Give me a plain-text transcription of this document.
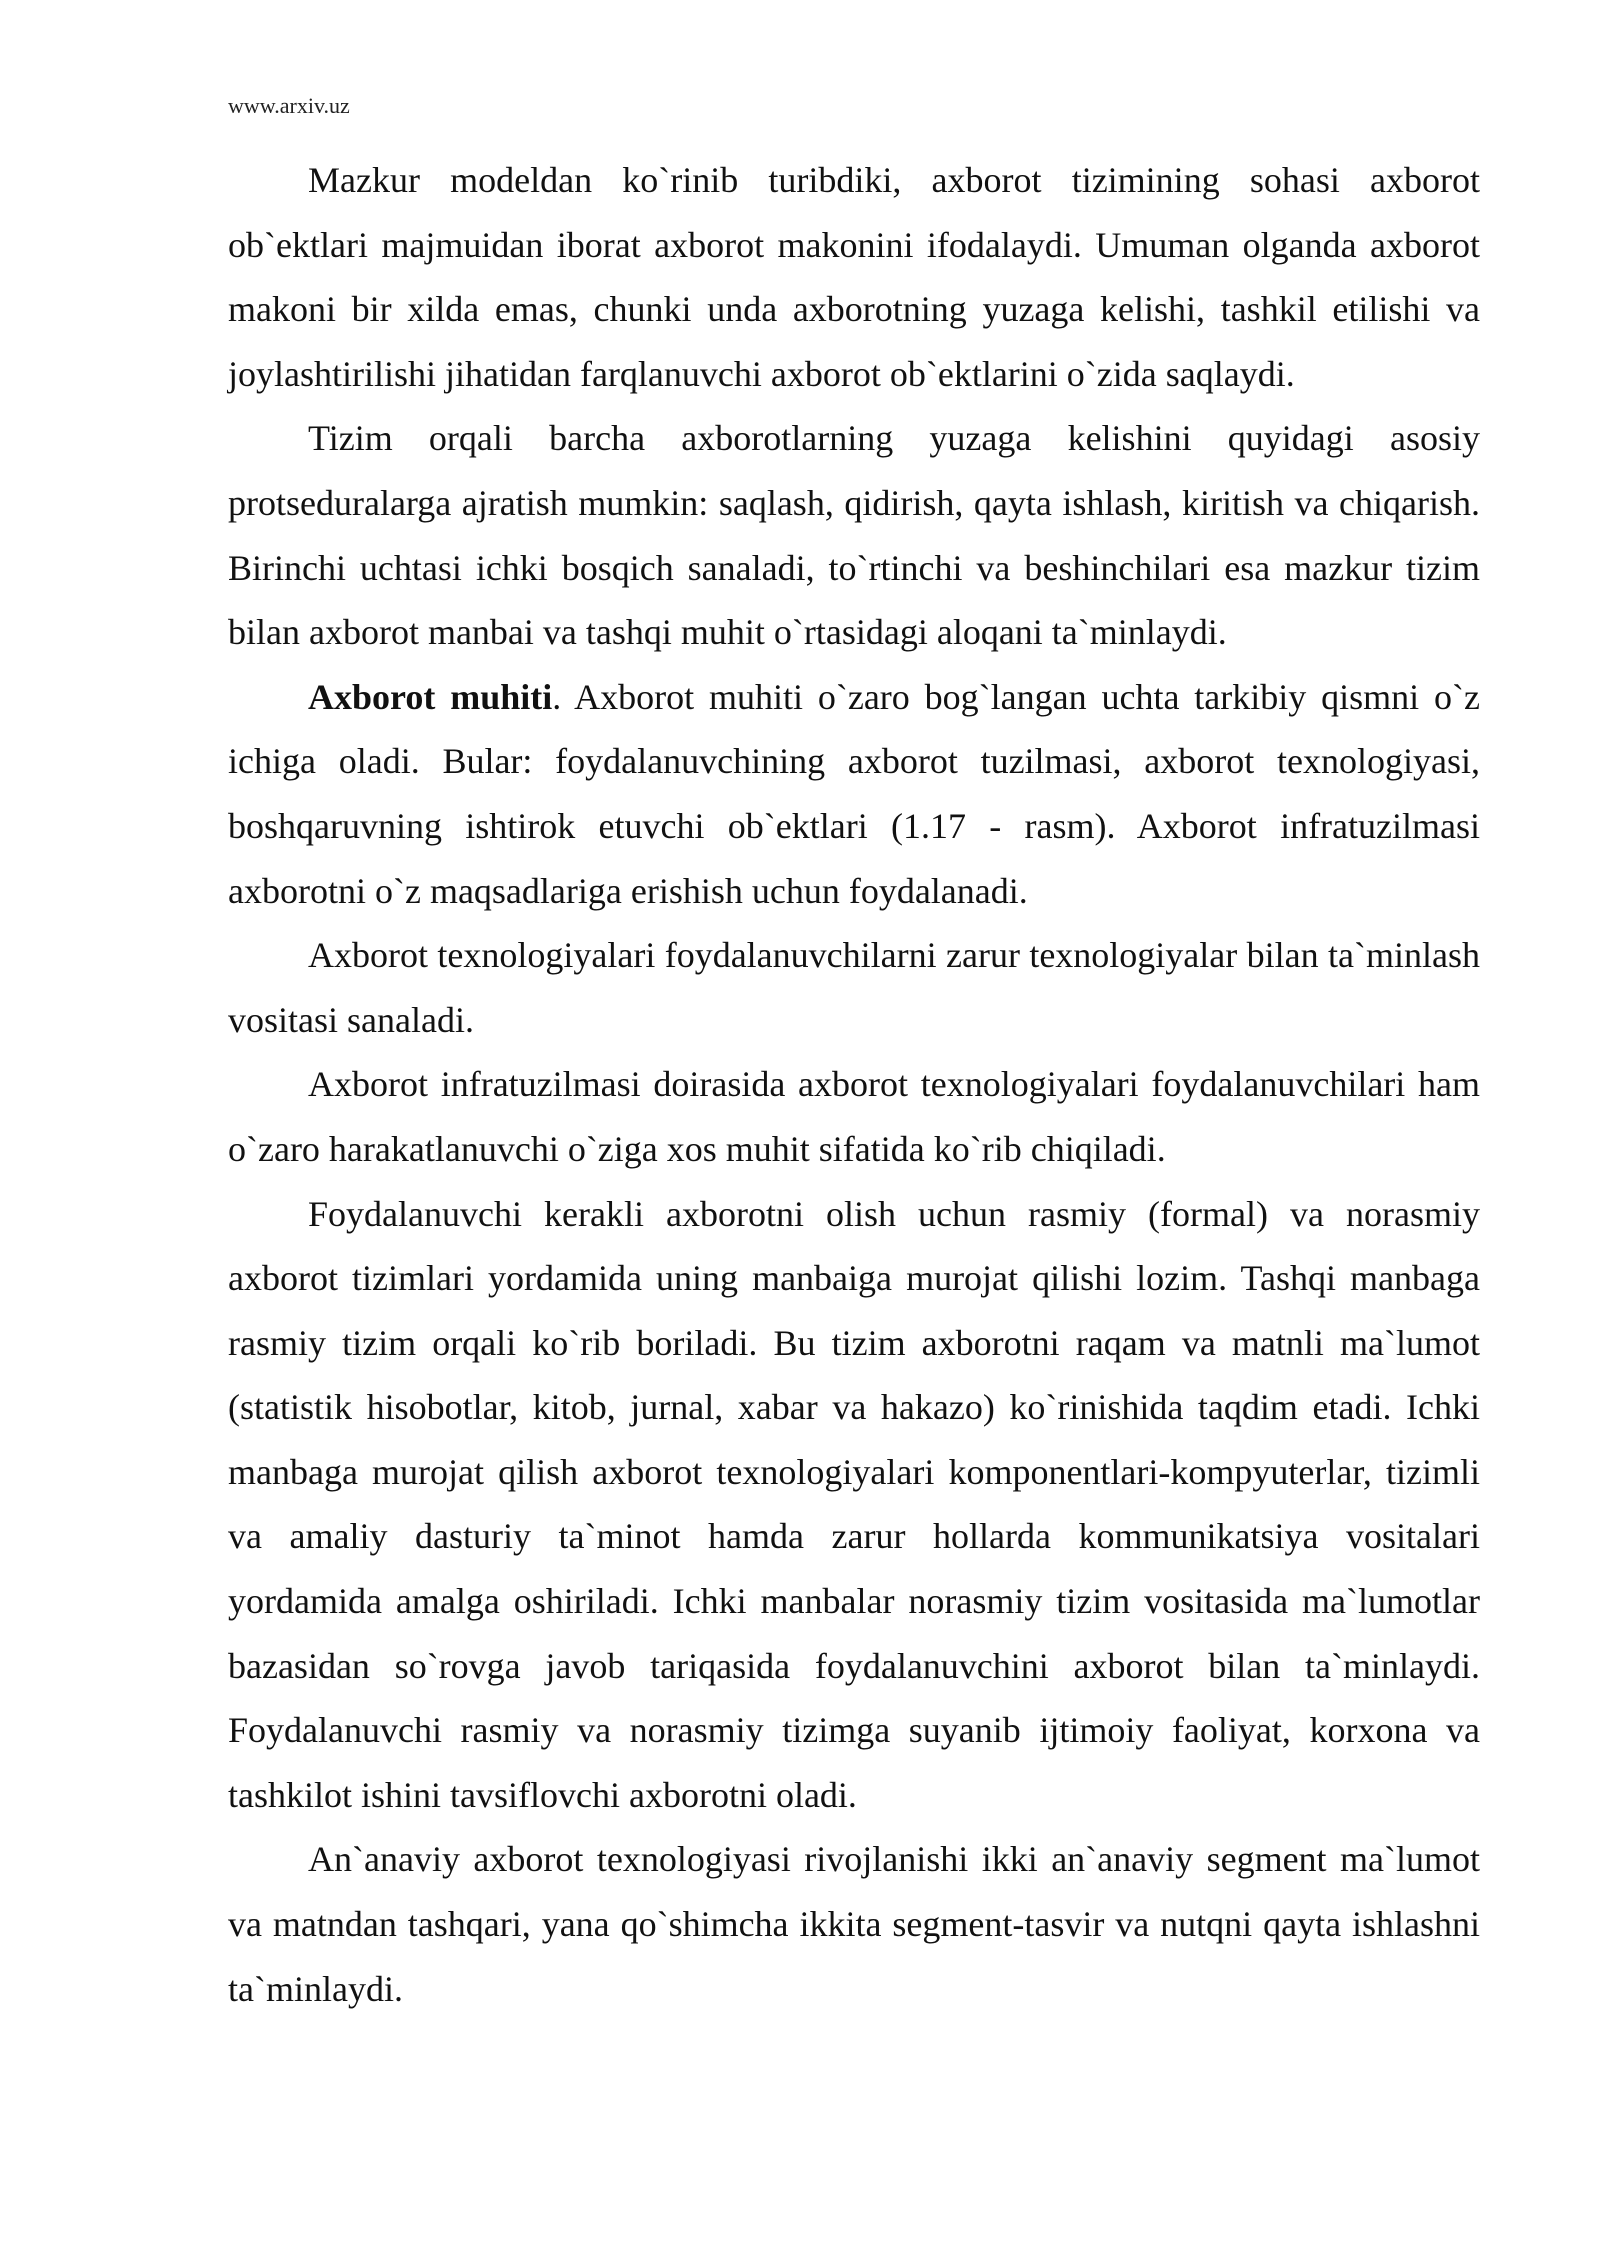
www.arxiv.uz

Mazkur modeldan ko`rinib turibdiki, axborot tizimining sohasi axborot ob`ektlari majmuidan iborat axborot makonini ifodalaydi. Umuman olganda axborot makoni bir xilda emas, chunki unda axborotning yuzaga kelishi, tashkil etilishi va joylashtirilishi jihatidan farqlanuvchi axborot ob`ektlarini o`zida saqlaydi.

Tizim orqali barcha axborotlarning yuzaga kelishini quyidagi asosiy protseduralarga ajratish mumkin: saqlash, qidirish, qayta ishlash, kiritish va chiqarish. Birinchi uchtasi ichki bosqich sanaladi, to`rtinchi va beshinchilari esa mazkur tizim bilan axborot manbai va tashqi muhit o`rtasidagi aloqani ta`minlaydi.

Axborot muhiti. Axborot muhiti o`zaro bog`langan uchta tarkibiy qismni o`z ichiga oladi. Bular: foydalanuvchining axborot tuzilmasi, axborot texnologiyasi, boshqaruvning ishtirok etuvchi ob`ektlari (1.17 - rasm). Axborot infratuzilmasi axborotni o`z maqsadlariga erishish uchun foydalanadi.

Axborot texnologiyalari foydalanuvchilarni zarur texnologiyalar bilan ta`minlash vositasi sanaladi.

Axborot infratuzilmasi doirasida axborot texnologiyalari foydalanuvchilari ham o`zaro harakatlanuvchi o`ziga xos muhit sifatida ko`rib chiqiladi.

Foydalanuvchi kerakli axborotni olish uchun rasmiy (formal) va norasmiy axborot tizimlari yordamida uning manbaiga murojat qilishi lozim. Tashqi manbaga rasmiy tizim orqali ko`rib boriladi. Bu tizim axborotni raqam va matnli ma`lumot (statistik hisobotlar, kitob, jurnal, xabar va hakazo) ko`rinishida taqdim etadi. Ichki manbaga murojat qilish axborot texnologiyalari komponentlari-kompyuterlar, tizimli va amaliy dasturiy ta`minot hamda zarur hollarda kommunikatsiya vositalari yordamida amalga oshiriladi. Ichki manbalar norasmiy tizim vositasida ma`lumotlar bazasidan so`rovga javob tariqasida foydalanuvchini axborot bilan ta`minlaydi. Foydalanuvchi rasmiy va norasmiy tizimga suyanib ijtimoiy faoliyat, korxona va tashkilot ishini tavsiflovchi axborotni oladi.

An`anaviy axborot texnologiyasi rivojlanishi ikki an`anaviy segment ma`lumot va matndan tashqari, yana qo`shimcha ikkita segment-tasvir va nutqni qayta ishlashni ta`minlaydi.
